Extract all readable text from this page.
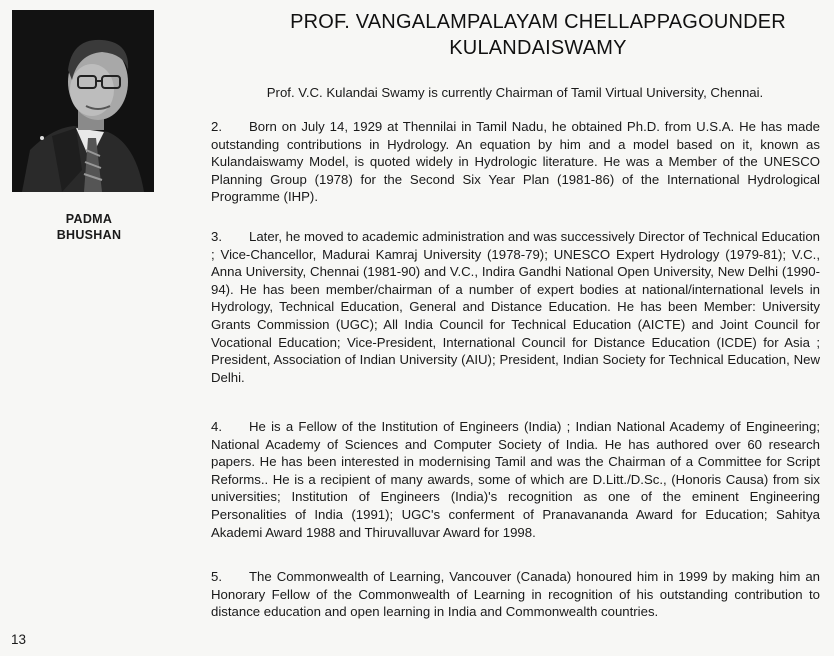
PADMA
BHUSHAN
PROF. VANGALAMPALAYAM CHELLAPPAGOUNDER
KULANDAISWAMY
Prof. V.C. Kulandai Swamy is currently Chairman of Tamil Virtual University, Chennai.
2. Born on July 14, 1929 at Thennilai in Tamil Nadu, he obtained Ph.D. from U.S.A. He has made outstanding contributions in Hydrology. An equation by him and a model based on it, known as Kulandaiswamy Model, is quoted widely in Hydrologic literature. He was a Member of the UNESCO Planning Group (1978) for the Second Six Year Plan (1981-86) of the International Hydrological Programme (IHP).
3. Later, he moved to academic administration and was successively Director of Technical Education ; Vice-Chancellor, Madurai Kamraj University (1978-79); UNESCO Expert Hydrology (1979-81); V.C., Anna University, Chennai (1981-90) and V.C., Indira Gandhi National Open University, New Delhi (1990-94). He has been member/chairman of a number of expert bodies at national/international levels in Hydrology, Technical Education, General and Distance Education. He has been Member: University Grants Commission (UGC); All India Council for Technical Education (AICTE) and Joint Council for Vocational Education; Vice-President, International Council for Distance Education (ICDE) for Asia ; President, Association of Indian University (AIU); President, Indian Society for Technical Education, New Delhi.
4. He is a Fellow of the Institution of Engineers (India) ; Indian National Academy of Engineering; National Academy of Sciences and Computer Society of India. He has authored over 60 research papers. He has been interested in modernising Tamil and was the Chairman of a Committee for Script Reforms.. He is a recipient of many awards, some of which are D.Litt./D.Sc., (Honoris Causa) from six universities; Institution of Engineers (India)'s recognition as one of the eminent Engineering Personalities of India (1991); UGC's conferment of Pranavananda Award for Education; Sahitya Akademi Award 1988 and Thiruvalluvar Award for 1998.
5. The Commonwealth of Learning, Vancouver (Canada) honoured him in 1999 by making him an Honorary Fellow of the Commonwealth of Learning in recognition of his outstanding contribution to distance education and open learning in India and Commonwealth countries.
13
